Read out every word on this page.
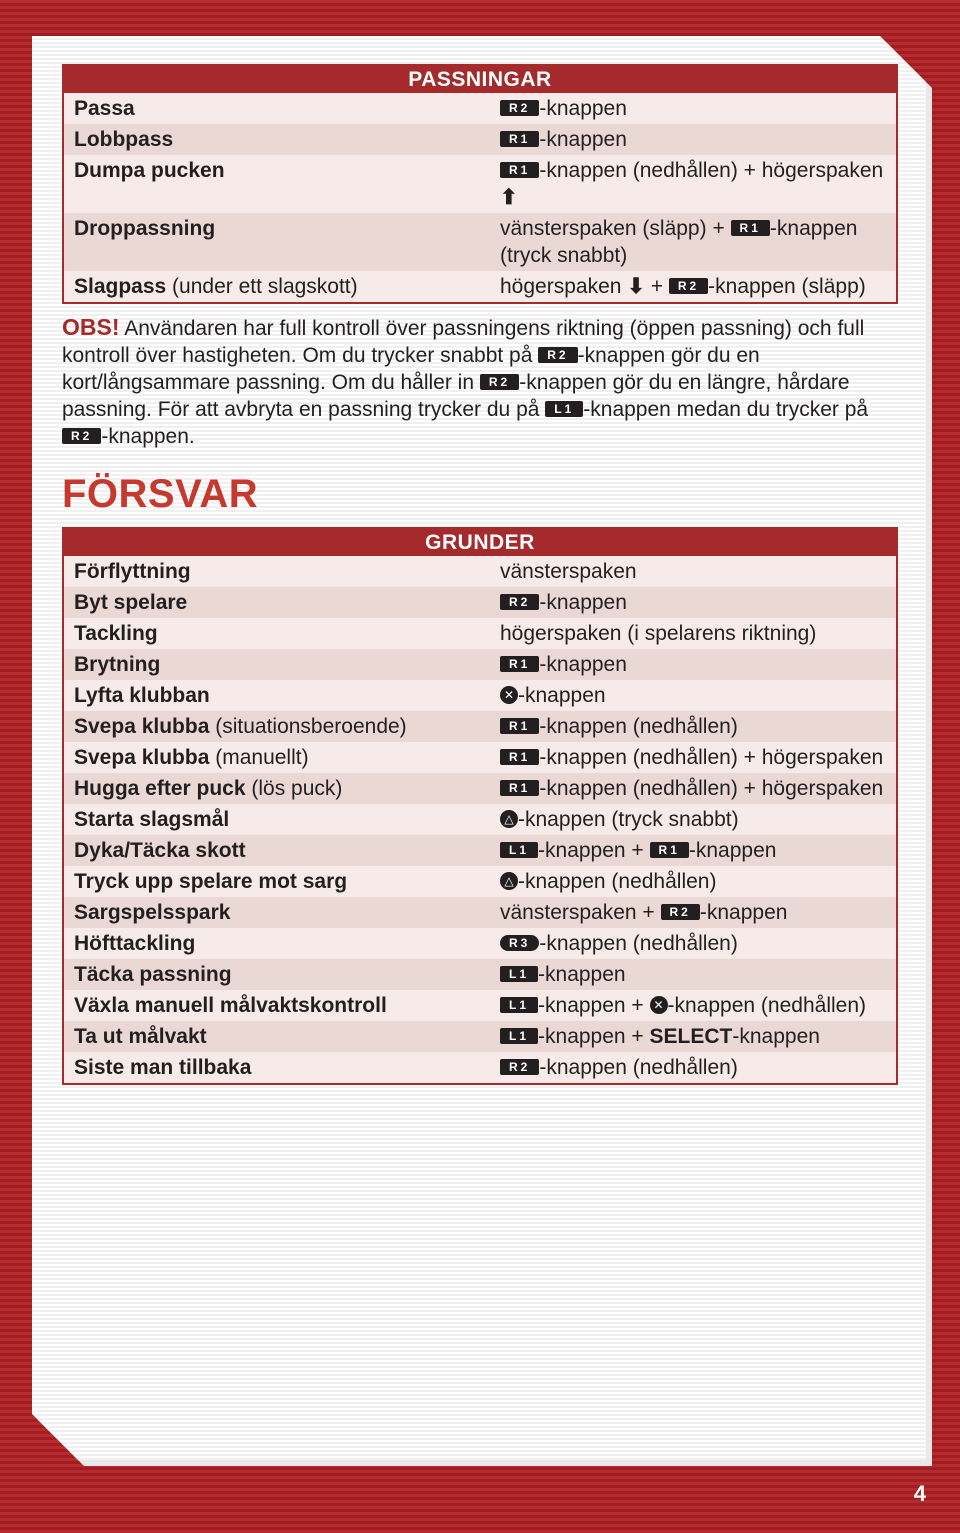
PASSNINGAR	
Passa	R2 -knappen
Lobbpass	R1 -knappen
Dumpa pucken	R1 -knappen (nedhållen) + högerspaken ⬆
Droppassning	vänsterspaken (släpp) + R1 -knappen (tryck snabbt)
Slagpass (under ett slagskott)	högerspaken ⬇ + R2 -knappen (släpp)

OBS! Användaren har full kontroll över passningens riktning (öppen passning) och full kontroll över hastigheten. Om du trycker snabbt på R2 -knappen gör du en kort/långsammare passning. Om du håller in R2 -knappen gör du en längre, hårdare passning. För att avbryta en passning trycker du på L1 -knappen medan du trycker på R2 -knappen.

FÖRSVAR
GRUNDER	
Förflyttning	vänsterspaken
Byt spelare	R2 -knappen
Tackling	högerspaken (i spelarens riktning)
Brytning	R1 -knappen
Lyfta klubban	✕ -knappen
Svepa klubba (situationsberoende)	R1 -knappen (nedhållen)
Svepa klubba (manuellt)	R1 -knappen (nedhållen) + högerspaken
Hugga efter puck (lös puck)	R1 -knappen (nedhållen) + högerspaken
Starta slagsmål	△ -knappen (tryck snabbt)
Dyka/Täcka skott	L1 -knappen + R1 -knappen
Tryck upp spelare mot sarg	△ -knappen (nedhållen)
Sargspelsspark	vänsterspaken + R2 -knappen
Höfttackling	R3 -knappen (nedhållen)
Täcka passning	L1 -knappen
Växla manuell målvaktskontroll	L1 -knappen + ✕ -knappen (nedhållen)
Ta ut målvakt	L1 -knappen + SELECT-knappen
Siste man tillbaka	R2 -knappen (nedhållen)
4
